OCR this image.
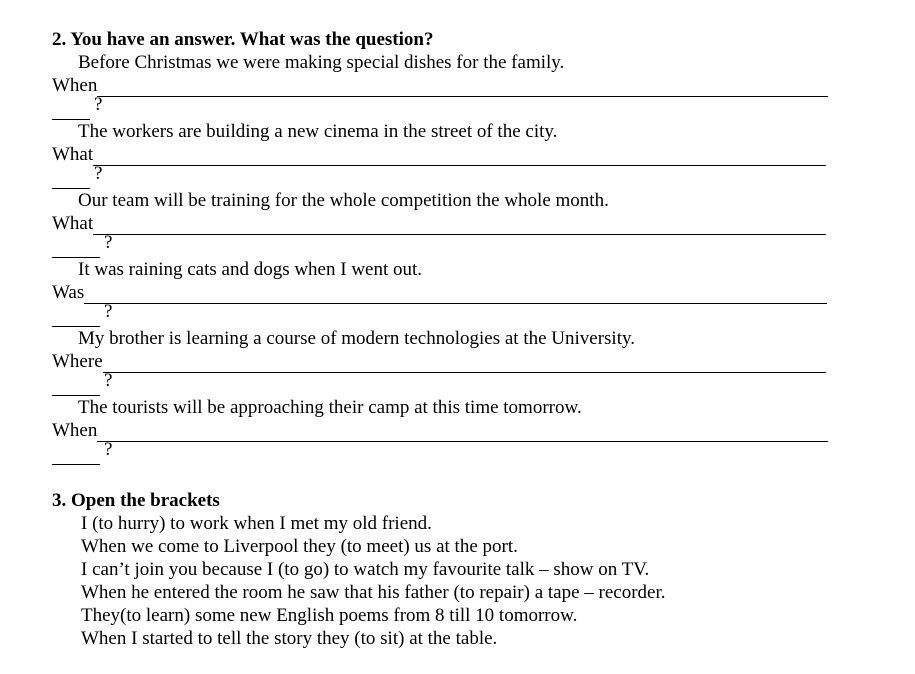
2. You have an answer. What was the question?
Before Christmas we were making special dishes for the family.
When
?
The workers are building a new cinema in the street of the city.
What
?
Our team will be training for the whole competition the whole month.
What
?
It was raining cats and dogs when I went out.
Was
?
My brother is learning a course of modern technologies at the University.
Where
?
The tourists will be approaching their camp at this time tomorrow.
When
?
3. Open the brackets
I (to hurry) to work when I met my old friend.
When we come to Liverpool they (to meet) us at the port.
I can’t join you because I (to go) to watch my favourite talk – show on TV.
When he entered the room he saw that his father (to repair) a tape – recorder.
They(to learn) some new English poems from 8 till 10 tomorrow.
When I started to tell the story they (to sit) at the table.
